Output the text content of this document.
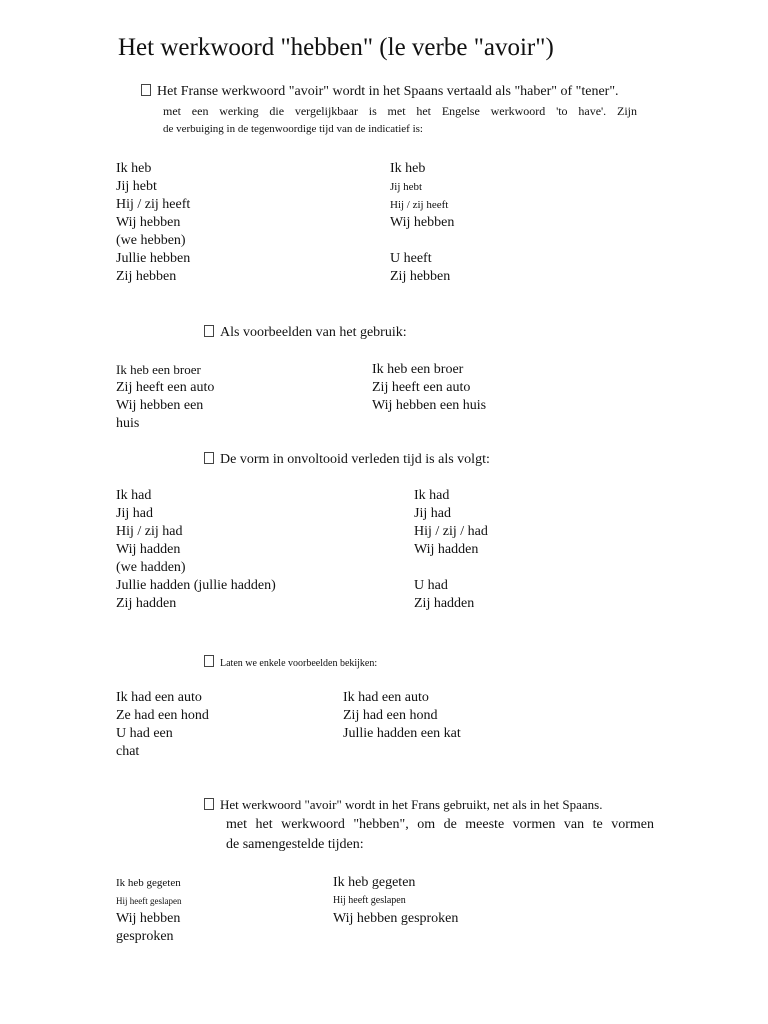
Het werkwoord "hebben" (le verbe "avoir")
Het Franse werkwoord "avoir" wordt in het Spaans vertaald als "haber" of "tener".
met een werking die vergelijkbaar is met het Engelse werkwoord 'to have'. Zijn
de verbuiging in de tegenwoordige tijd van de indicatief is:
Ik heb
Jij hebt
Hij / zij heeft
Wij hebben
(we hebben)
Jullie hebben
Zij hebben
Ik heb
Jij hebt
Hij / zij heeft
Wij hebben
U heeft
Zij hebben
Als voorbeelden van het gebruik:
Ik heb een broer
Zij heeft een auto
Wij hebben een
huis
Ik heb een broer
Zij heeft een auto
Wij hebben een huis
De vorm in onvoltooid verleden tijd is als volgt:
Ik had
Jij had
Hij / zij had
Wij hadden
(we hadden)
Jullie hadden (jullie hadden)
Zij hadden
Ik had
Jij had
Hij / zij / had
Wij hadden
U had
Zij hadden
Laten we enkele voorbeelden bekijken:
Ik had een auto
Ze had een hond
U had een
chat
Ik had een auto
Zij had een hond
Jullie hadden een kat
Het werkwoord "avoir" wordt in het Frans gebruikt, net als in het Spaans.
met het werkwoord "hebben", om de meeste vormen van te vormen
de samengestelde tijden:
Ik heb gegeten
Hij heeft geslapen
Wij hebben
gesproken
Ik heb gegeten
Hij heeft geslapen
Wij hebben gesproken
